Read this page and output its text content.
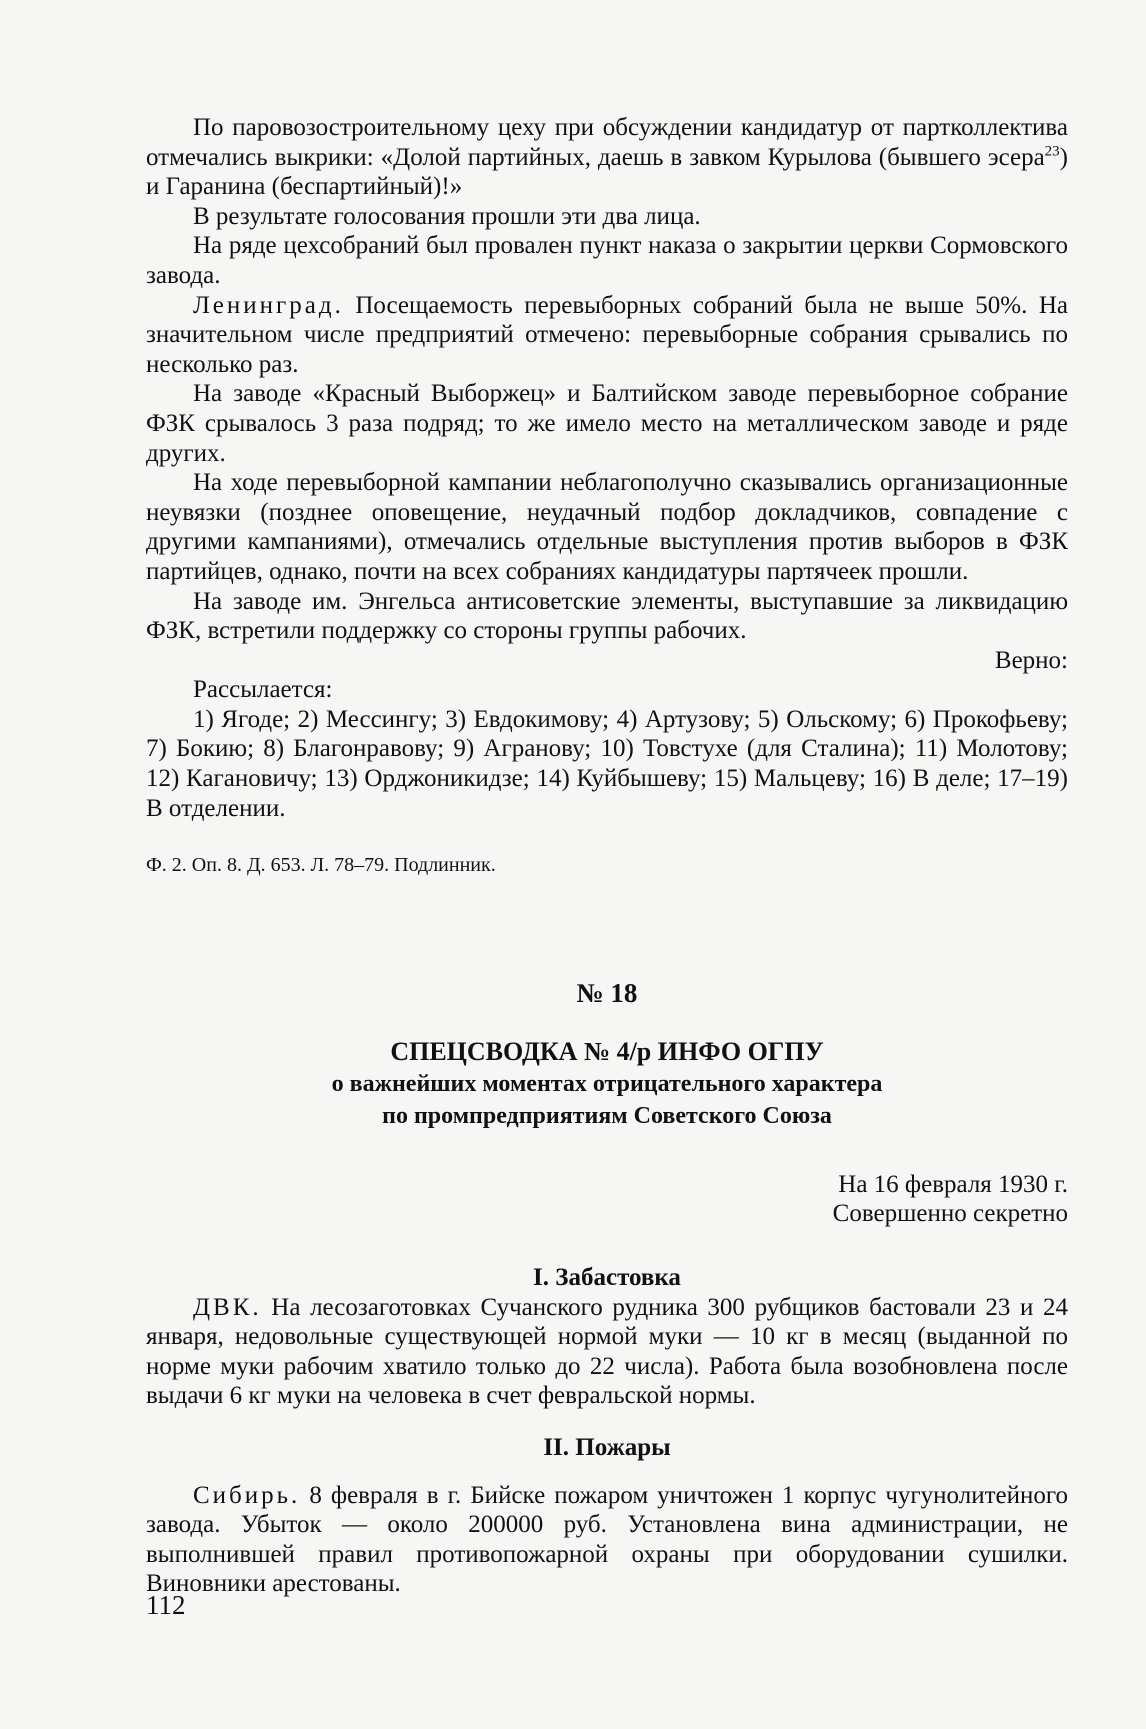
По паровозостроительному цеху при обсуждении кандидатур от партколлектива отмечались выкрики: «Долой партийных, даешь в завком Курылова (бывшего эсера$^{23}$) и Гаранина (беспартийный)!»

В результате голосования прошли эти два лица.

На ряде цехсобраний был провален пункт наказа о закрытии церкви Сормовского завода.

Ленинград. Посещаемость перевыборных собраний была не выше 50%. На значительном числе предприятий отмечено: перевыборные собрания срывались по несколько раз.

На заводе «Красный Выборжец» и Балтийском заводе перевыборное собрание ФЗК срывалось 3 раза подряд; то же имело место на металлическом заводе и ряде других.

На ходе перевыборной кампании неблагополучно сказывались организационные неувязки (позднее оповещение, неудачный подбор докладчиков, совпадение с другими кампаниями), отмечались отдельные выступления против выборов в ФЗК партийцев, однако, почти на всех собраниях кандидатуры партячеек прошли.

На заводе им. Энгельса антисоветские элементы, выступавшие за ликвидацию ФЗК, встретили поддержку со стороны группы рабочих.

Верно:

Рассылается:

1) Ягоде; 2) Мессингу; 3) Евдокимову; 4) Артузову; 5) Ольскому; 6) Прокофьеву; 7) Бокию; 8) Благонравову; 9) Агранову; 10) Товстухе (для Сталина); 11) Молотову; 12) Кагановичу; 13) Орджоникидзе; 14) Куйбышеву; 15) Мальцеву; 16) В деле; 17–19) В отделении.

Ф. 2. Оп. 8. Д. 653. Л. 78–79. Подлинник.
№ 18
СПЕЦСВОДКА № 4/р ИНФО ОГПУ
о важнейших моментах отрицательного характера
по промпредприятиям Советского Союза
На 16 февраля 1930 г.
Совершенно секретно
I. Забастовка

ДВК. На лесозаготовках Сучанского рудника 300 рубщиков бастовали 23 и 24 января, недовольные существующей нормой муки — 10 кг в месяц (выданной по норме муки рабочим хватило только до 22 числа). Работа была возобновлена после выдачи 6 кг муки на человека в счет февральской нормы.

II. Пожары

Сибирь. 8 февраля в г. Бийске пожаром уничтожен 1 корпус чугунолитейного завода. Убыток — около 200000 руб. Установлена вина администрации, не выполнившей правил противопожарной охраны при оборудовании сушилки. Виновники арестованы.

112
